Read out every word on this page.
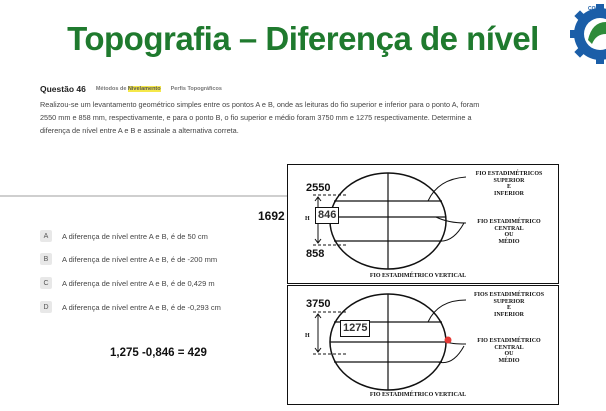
Topografia – Diferença de nível
CONC
Questão 46 Métodos de Nivelamento Perfis Topográficos
Realizou-se um levantamento geométrico simples entre os pontos A e B, onde as leituras do fio superior e inferior para o ponto A, foram 2550 mm e 858 mm, respectivamente, e para o ponto B, o fio superior e médio foram 3750 mm e 1275 respectivamente. Determine a diferença de nível entre A e B e assinale a alternativa correta.
A	A diferença de nível entre A e B, é de 50 cm
B	A diferença de nível entre A e B, é de -200 mm
C	A diferença de nível entre A e B, é de 0,429 m
D	A diferença de nível entre A e B, é de -0,293 cm
1692
1,275 -0,846 = 429
2550
858
846
H
FIO ESTADIMÉTRICOS
SUPERIOR
E
INFERIOR
FIO ESTADIMÉTRICO
CENTRAL
OU
MÉDIO
FIO ESTADIMÉTRICO VERTICAL
3750
1275
H
FIOS ESTADIMÉTRICOS
SUPERIOR
E
INFERIOR
FIO ESTADIMÉTRICO
CENTRAL
OU
MÉDIO
FIO ESTADIMÉTRICO VERTICAL
